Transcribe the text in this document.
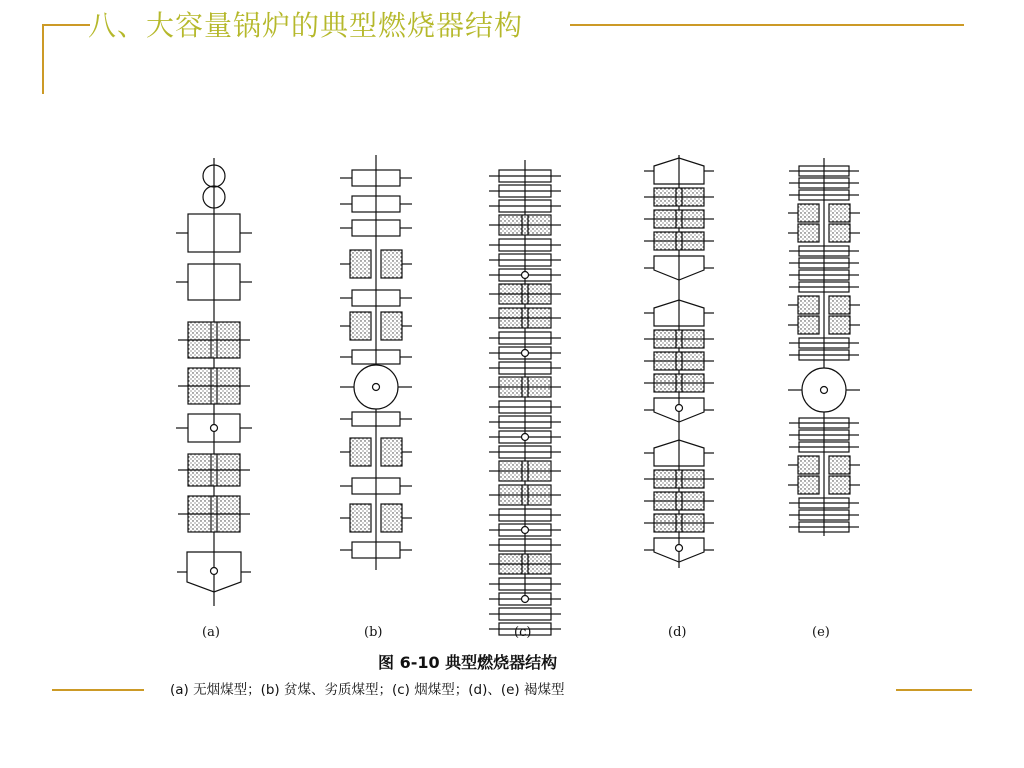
八、大容量锅炉的典型燃烧器结构
(a)	(b)	(c)	(d)	(e)
图 6-10 典型燃烧器结构
(a) 无烟煤型；(b) 贫煤、劣质煤型；(c) 烟煤型；(d)、(e) 褐煤型
